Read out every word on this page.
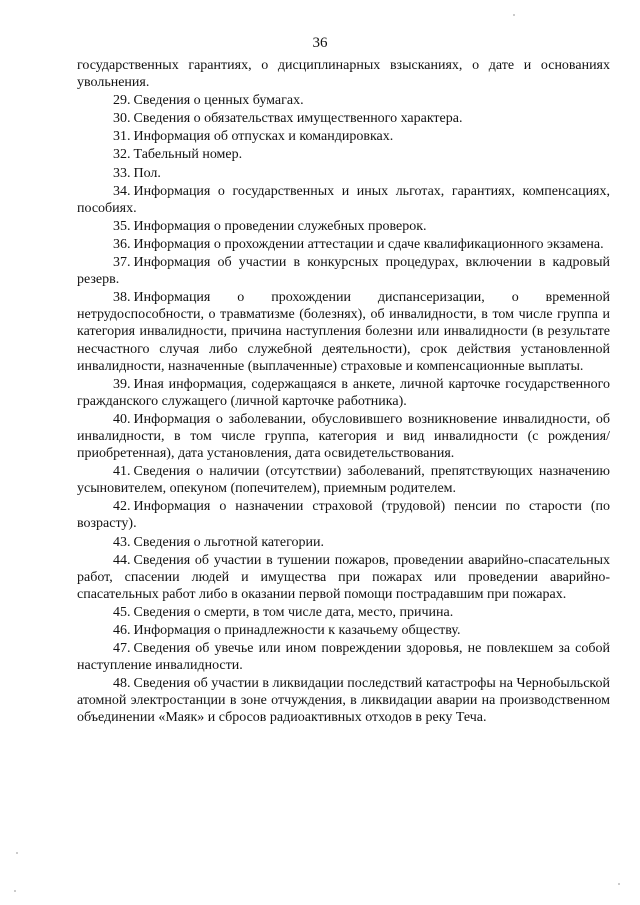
36

государственных гарантиях, о дисциплинарных взысканиях, о дате и основаниях увольнения.

29. Сведения о ценных бумагах.

30. Сведения о обязательствах имущественного характера.

31. Информация об отпусках и командировках.

32. Табельный номер.

33. Пол.

34. Информация о государственных и иных льготах, гарантиях, компенсациях, пособиях.

35. Информация о проведении служебных проверок.

36. Информация о прохождении аттестации и сдаче квалификационного экзамена.

37. Информация об участии в конкурсных процедурах, включении в кадровый резерв.

38. Информация о прохождении диспансеризации, о временной нетрудоспособности, о травматизме (болезнях), об инвалидности, в том числе группа и категория инвалидности, причина наступления болезни или инвалидности (в результате несчастного случая либо служебной деятельности), срок действия установленной инвалидности, назначенные (выплаченные) страховые и компенсационные выплаты.

39. Иная информация, содержащаяся в анкете, личной карточке государственного гражданского служащего (личной карточке работника).

40. Информация о заболевании, обусловившего возникновение инвалидности, об инвалидности, в том числе группа, категория и вид инвалидности (с рождения/приобретенная), дата установления, дата освидетельствования.

41. Сведения о наличии (отсутствии) заболеваний, препятствующих назначению усыновителем, опекуном (попечителем), приемным родителем.

42. Информация о назначении страховой (трудовой) пенсии по старости (по возрасту).

43. Сведения о льготной категории.

44. Сведения об участии в тушении пожаров, проведении аварийно-спасательных работ, спасении людей и имущества при пожарах или проведении аварийно-спасательных работ либо в оказании первой помощи пострадавшим при пожарах.

45. Сведения о смерти, в том числе дата, место, причина.

46. Информация о принадлежности к казачьему обществу.

47. Сведения об увечье или ином повреждении здоровья, не повлекшем за собой наступление инвалидности.

48. Сведения об участии в ликвидации последствий катастрофы на Чернобыльской атомной электростанции в зоне отчуждения, в ликвидации аварии на производственном объединении «Маяк» и сбросов радиоактивных отходов в реку Теча.
